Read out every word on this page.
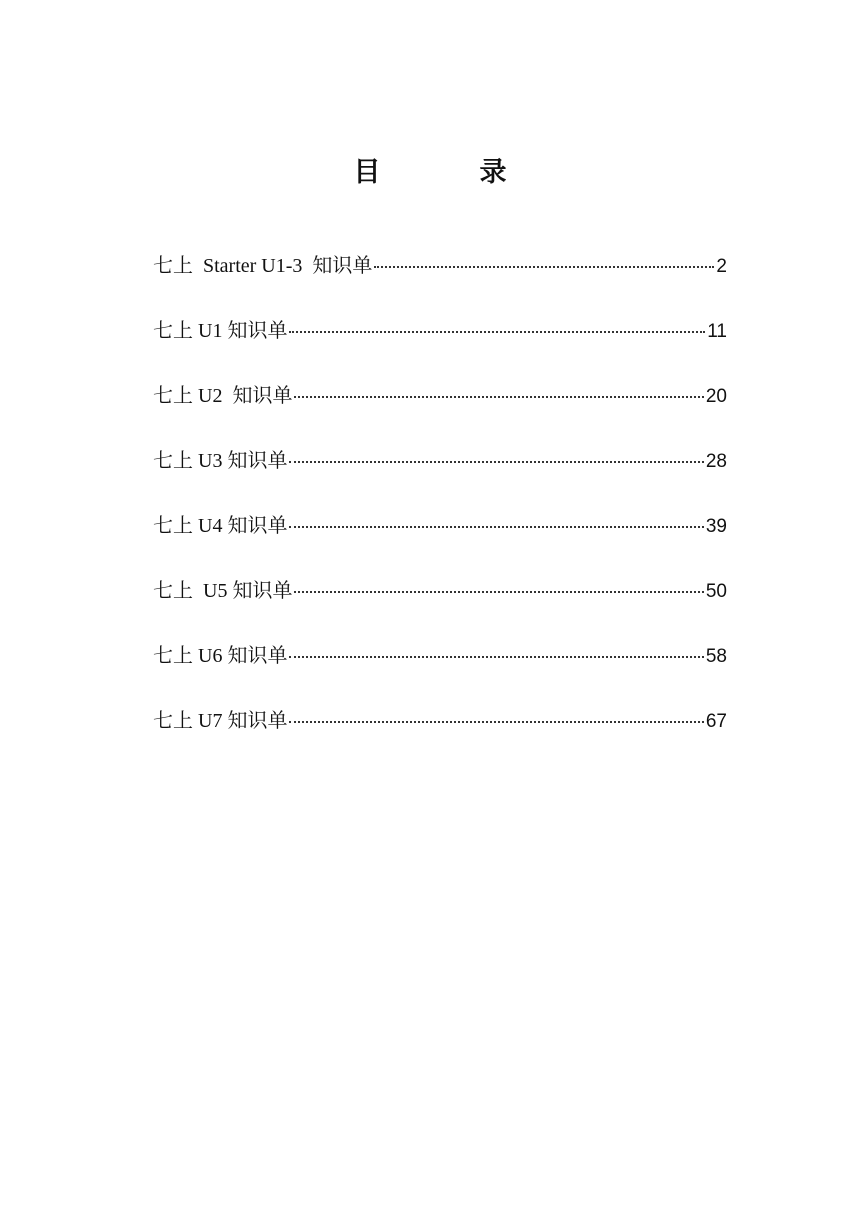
目　录
七上  Starter U1-3  知识单	2
七上 U1 知识单	11
七上 U2  知识单	20
七上 U3 知识单	28
七上 U4 知识单	39
七上  U5 知识单	50
七上 U6 知识单	58
七上 U7 知识单	67
